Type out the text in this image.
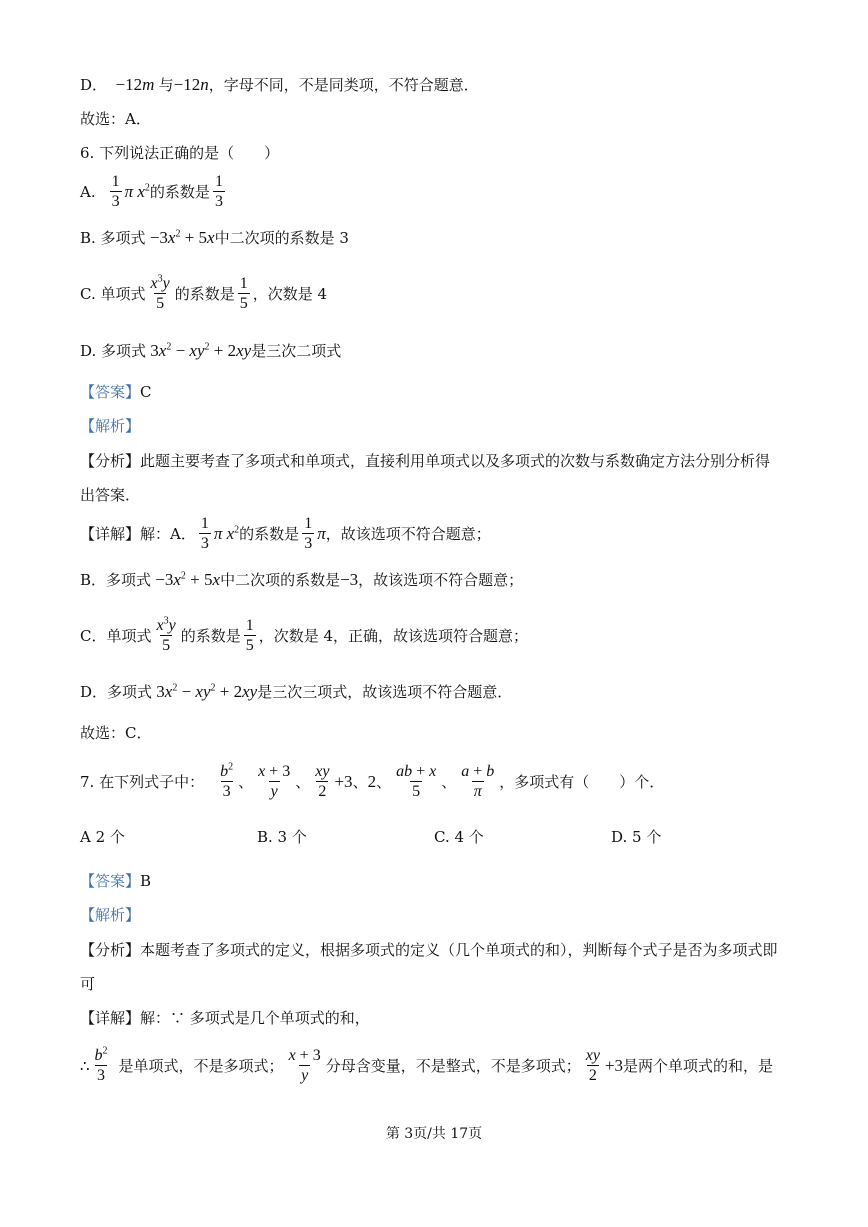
D． −12m 与 −12n ，字母不同，不是同类项，不符合题意．
故选：A．
6. 下列说法正确的是（　　）
A. $\frac{1}{3}$ π $x^2$ 的系数是 $\frac{1}{3}$
B. 多项式 $-3x^2 + 5x$ 中二次项的系数是 3
C. 单项式 $\frac{x^3y}{5}$ 的系数是 $\frac{1}{5}$ ，次数是 4
D. 多项式 $3x^2 - xy^2 + 2xy$ 是三次二项式
【答案】 C
【解析】
【分析】 此题主要考查了多项式和单项式，直接利用单项式以及多项式的次数与系数确定方法分别分析得
出答案．
【详解】 解：A． $\frac{1}{3}$ π $x^2$ 的系数是 $\frac{1}{3}$ π ，故该选项不符合题意；
B．多项式 $-3x^2 + 5x$ 中二次项的系数是 −3 ，故该选项不符合题意；
C．单项式 $\frac{x^3y}{5}$ 的系数是 $\frac{1}{5}$ ，次数是 4，正确，故该选项符合题意；
D．多项式 $3x^2 - xy^2 + 2xy$ 是三次三项式，故该选项不符合题意．
故选：C．
7. 在下列式子中： $\frac{b^2}{3}$ 、 $\frac{x + 3}{y}$ 、 $\frac{xy}{2} +3$ 、 2 、 $\frac{ab + x}{5}$ 、 $\frac{a + b}{\pi}$ ，多项式有（　　）个．
A 2 个	B. 3 个	C. 4 个	D. 5 个
【答案】 B
【解析】
【分析】 本题考查了多项式的定义，根据多项式的定义（几个单项式的和），判断每个式子是否为多项式即
可
【详解】 解：∵ 多项式是几个单项式的和，
∴ $\frac{b^2}{3}$ 是单项式，不是多项式； $\frac{x + 3}{y}$ 分母含变量，不是整式，不是多项式； $\frac{xy}{2} +3$ 是两个单项式的和，是
第 3页/共 17页
